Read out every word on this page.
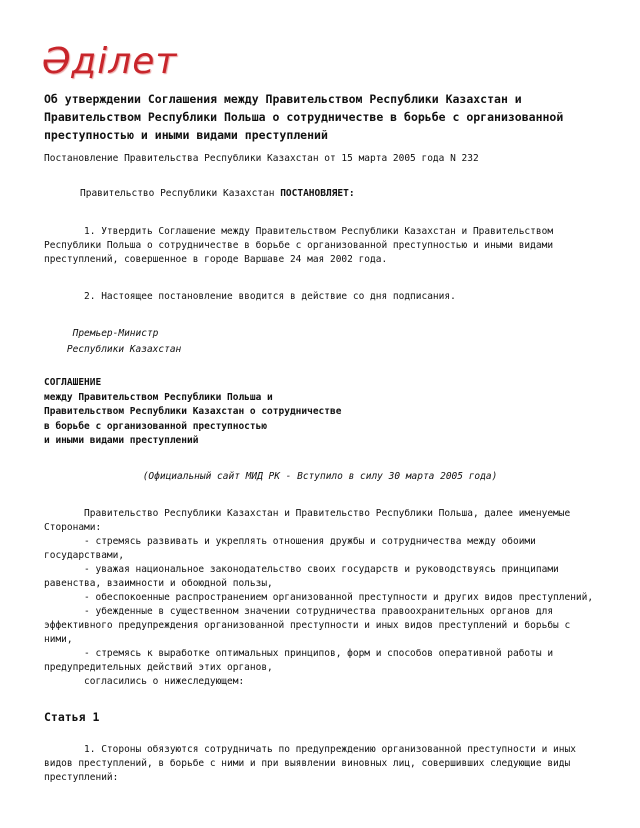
Әділет
Об утверждении Соглашения между Правительством Республики Казахстан и
Правительством Республики Польша о сотрудничестве в борьбе с организованной
преступностью и иными видами преступлений
Постановление Правительства Республики Казахстан от 15 марта 2005 года N 232
Правительство Республики Казахстан ПОСТАНОВЛЯЕТ:
1. Утвердить Соглашение между Правительством Республики Казахстан и Правительством
Республики Польша о сотрудничестве в борьбе с организованной преступностью и иными видами
преступлений, совершенное в городе Варшаве 24 мая 2002 года.
2. Настоящее постановление вводится в действие со дня подписания.
Премьер-Министр
Республики Казахстан
СОГЛАШЕНИЕ
между Правительством Республики Польша и
Правительством Республики Казахстан о сотрудничестве
в борьбе с организованной преступностью
и иными видами преступлений
(Официальный сайт МИД РК - Вступило в силу 30 марта 2005 года)
Правительство Республики Казахстан и Правительство Республики Польша, далее именуемые
Сторонами:
- стремясь развивать и укреплять отношения дружбы и сотрудничества между обоими
государствами,
- уважая национальное законодательство своих государств и руководствуясь принципами
равенства, взаимности и обоюдной пользы,
- обеспокоенные распространением организованной преступности и других видов преступлений,
- убежденные в существенном значении сотрудничества правоохранительных органов для
эффективного предупреждения организованной преступности и иных видов преступлений и борьбы с
ними,
- стремясь к выработке оптимальных принципов, форм и способов оперативной работы и
предупредительных действий этих органов,
согласились о нижеследующем:
Статья 1
1. Стороны обязуются сотрудничать по предупреждению организованной преступности и иных
видов преступлений, в борьбе с ними и при выявлении виновных лиц, совершивших следующие виды
преступлений:
